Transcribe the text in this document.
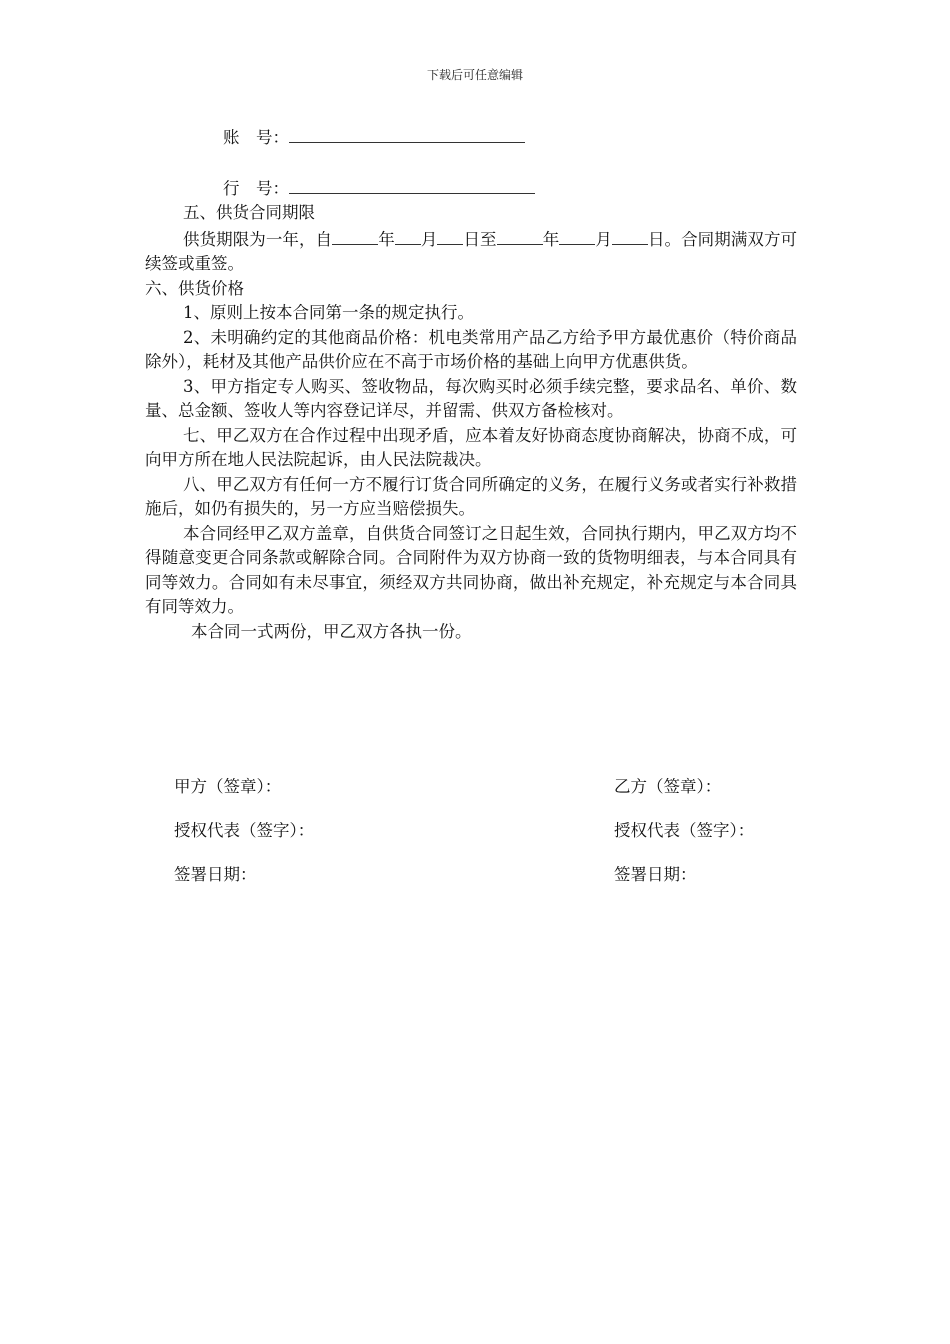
下载后可任意编辑
账　号：
行　号：

五、供货合同期限

供货期限为一年，自	年 月 日至	年 月 日。合同期满双方可续签或重签。

六、供货价格

1、原则上按本合同第一条的规定执行。

2、未明确约定的其他商品价格：机电类常用产品乙方给予甲方最优惠价（特价商品除外），耗材及其他产品供价应在不高于市场价格的基础上向甲方优惠供货。

3、甲方指定专人购买、签收物品，每次购买时必须手续完整，要求品名、单价、数量、总金额、签收人等内容登记详尽，并留需、供双方备检核对。

七、甲乙双方在合作过程中出现矛盾，应本着友好协商态度协商解决，协商不成，可向甲方所在地人民法院起诉，由人民法院裁决。

八、甲乙双方有任何一方不履行订货合同所确定的义务，在履行义务或者实行补救措施后，如仍有损失的，另一方应当赔偿损失。

本合同经甲乙双方盖章，自供货合同签订之日起生效，合同执行期内，甲乙双方均不得随意变更合同条款或解除合同。合同附件为双方协商一致的货物明细表，与本合同具有同等效力。合同如有未尽事宜，须经双方共同协商，做出补充规定，补充规定与本合同具有同等效力。

本合同一式两份，甲乙双方各执一份。

甲方（签章）：
授权代表（签字）：
签署日期：
乙方（签章）：
授权代表（签字）：
签署日期：
